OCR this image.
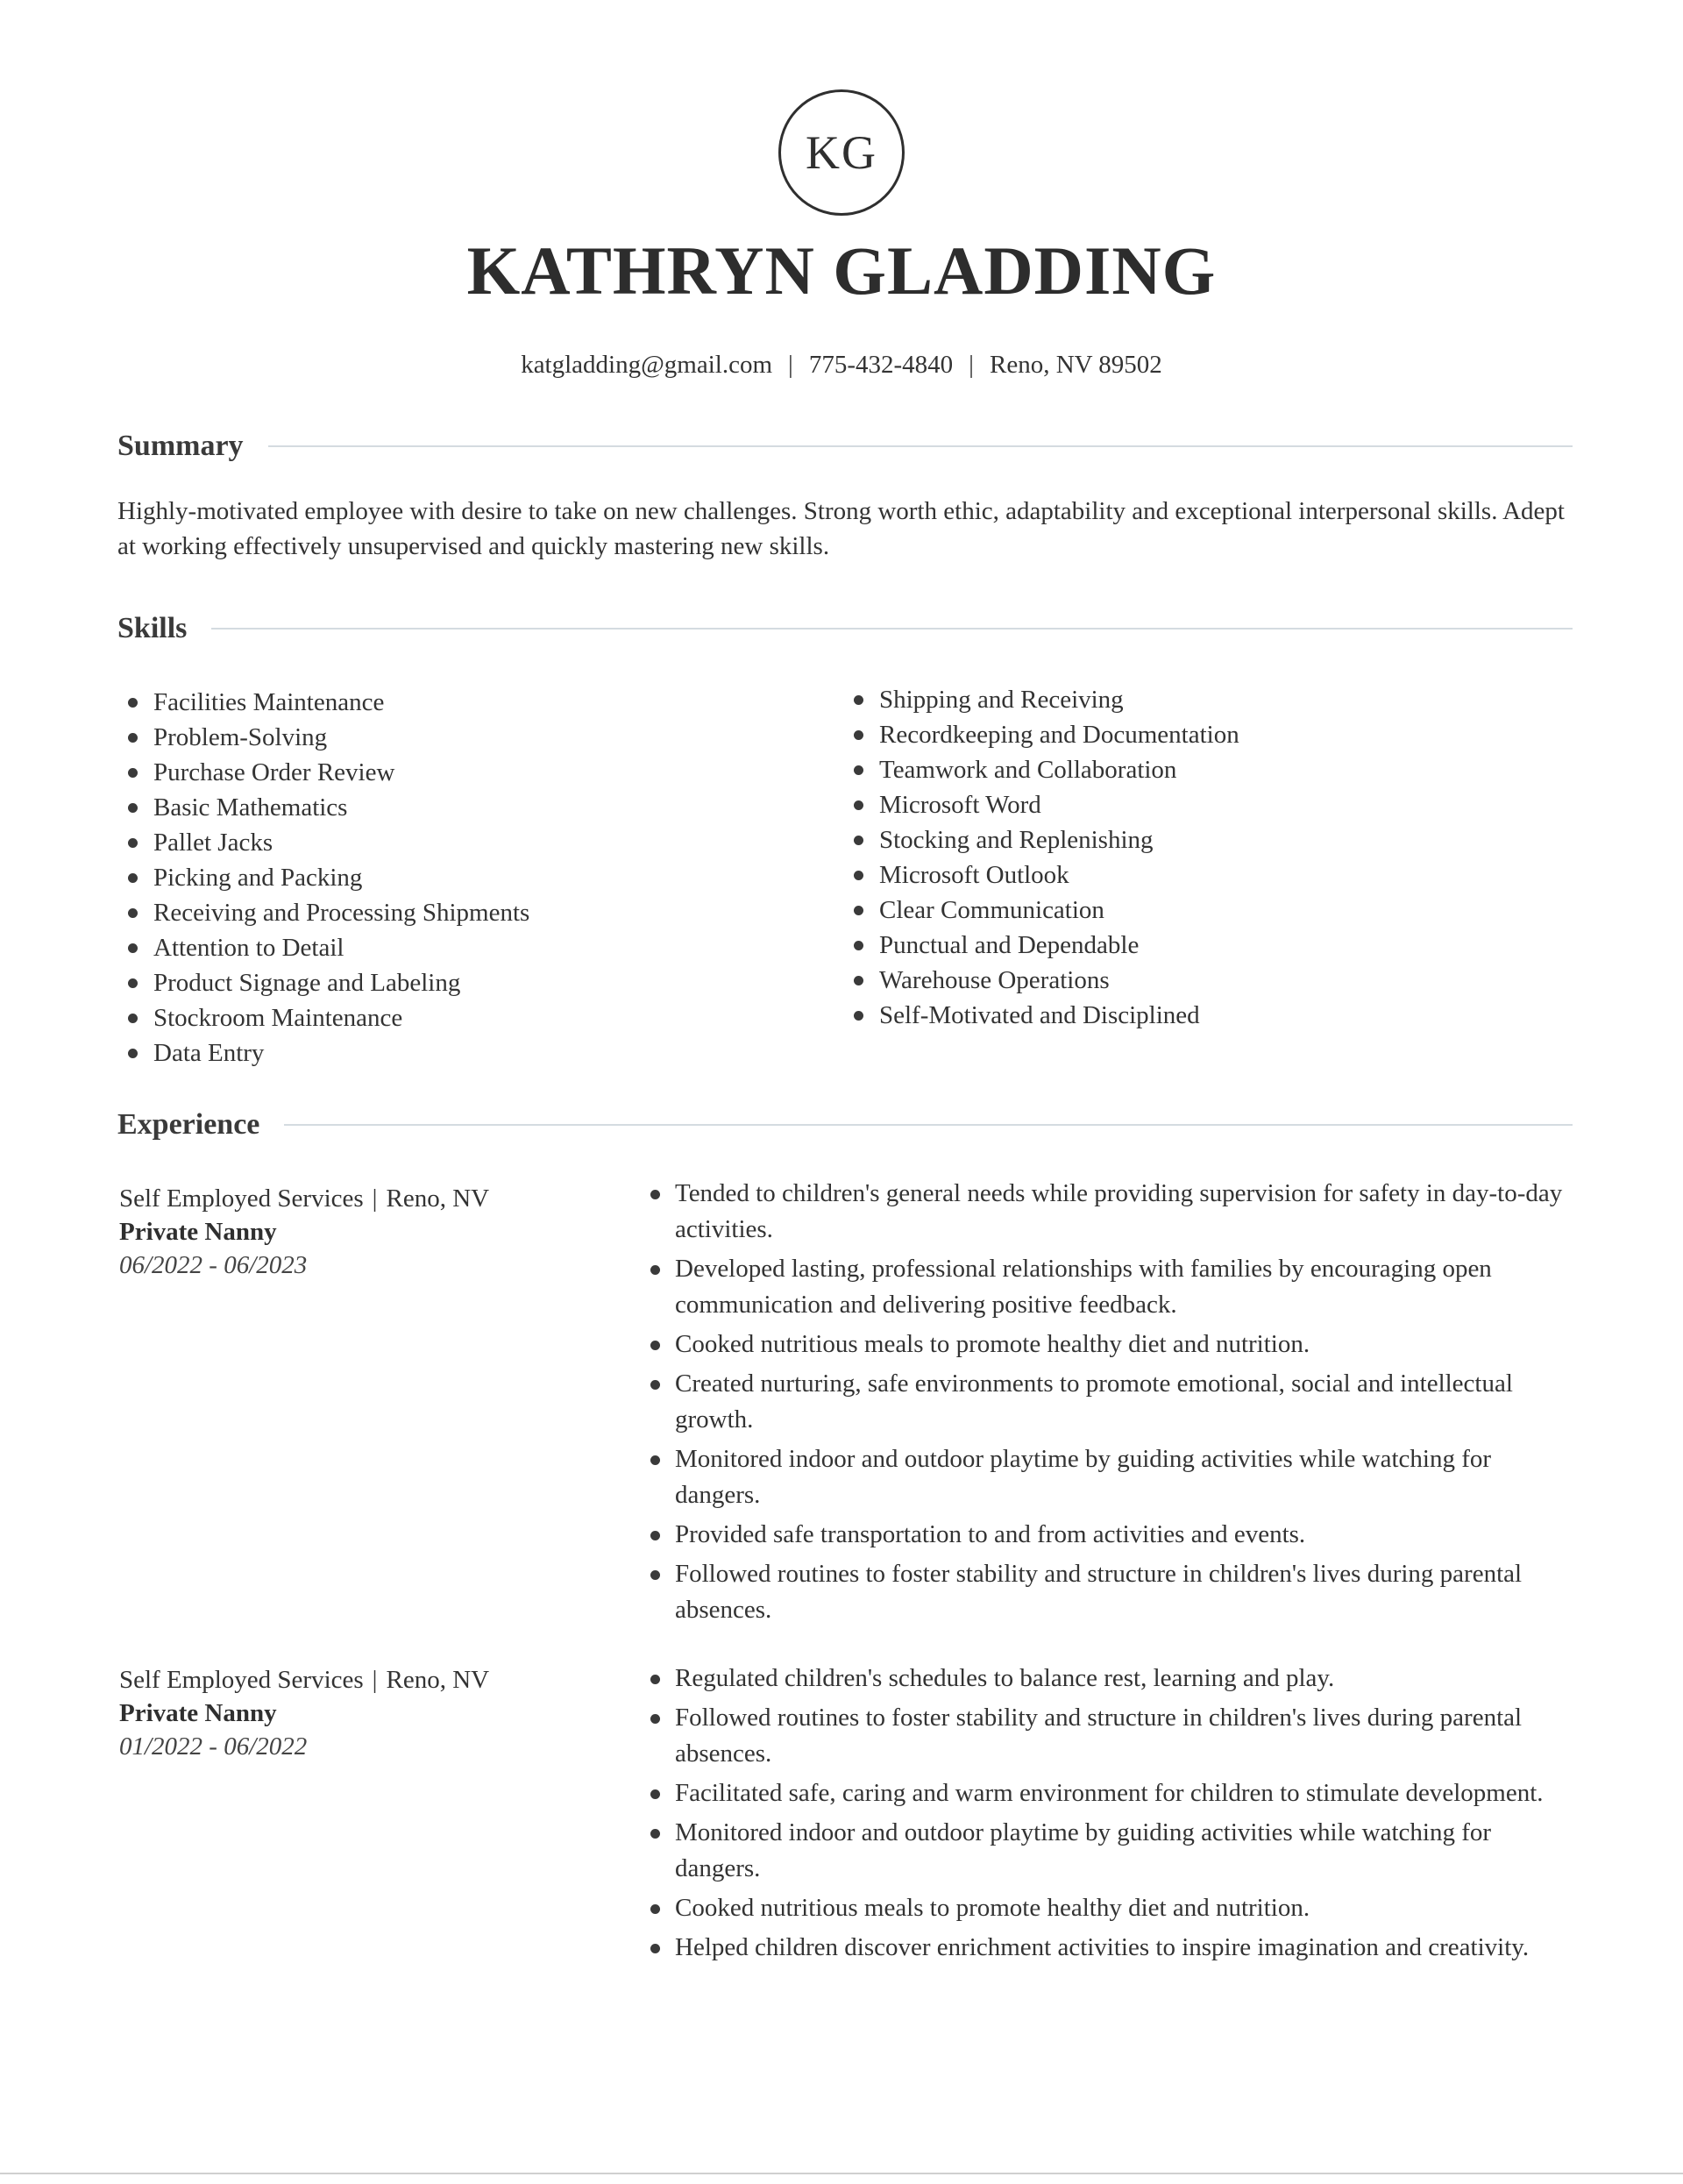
KG
KATHRYN GLADDING
katgladding@gmail.com | 775-432-4840 | Reno, NV 89502
Summary
Highly-motivated employee with desire to take on new challenges. Strong worth ethic, adaptability and exceptional interpersonal skills. Adept at working effectively unsupervised and quickly mastering new skills.
Skills
Facilities Maintenance
Problem-Solving
Purchase Order Review
Basic Mathematics
Pallet Jacks
Picking and Packing
Receiving and Processing Shipments
Attention to Detail
Product Signage and Labeling
Stockroom Maintenance
Data Entry
Shipping and Receiving
Recordkeeping and Documentation
Teamwork and Collaboration
Microsoft Word
Stocking and Replenishing
Microsoft Outlook
Clear Communication
Punctual and Dependable
Warehouse Operations
Self-Motivated and Disciplined
Experience
Self Employed Services | Reno, NV
Private Nanny
06/2022 - 06/2023
Tended to children's general needs while providing supervision for safety in day-to-day activities.
Developed lasting, professional relationships with families by encouraging open communication and delivering positive feedback.
Cooked nutritious meals to promote healthy diet and nutrition.
Created nurturing, safe environments to promote emotional, social and intellectual growth.
Monitored indoor and outdoor playtime by guiding activities while watching for dangers.
Provided safe transportation to and from activities and events.
Followed routines to foster stability and structure in children's lives during parental absences.
Self Employed Services | Reno, NV
Private Nanny
01/2022 - 06/2022
Regulated children's schedules to balance rest, learning and play.
Followed routines to foster stability and structure in children's lives during parental absences.
Facilitated safe, caring and warm environment for children to stimulate development.
Monitored indoor and outdoor playtime by guiding activities while watching for dangers.
Cooked nutritious meals to promote healthy diet and nutrition.
Helped children discover enrichment activities to inspire imagination and creativity.
